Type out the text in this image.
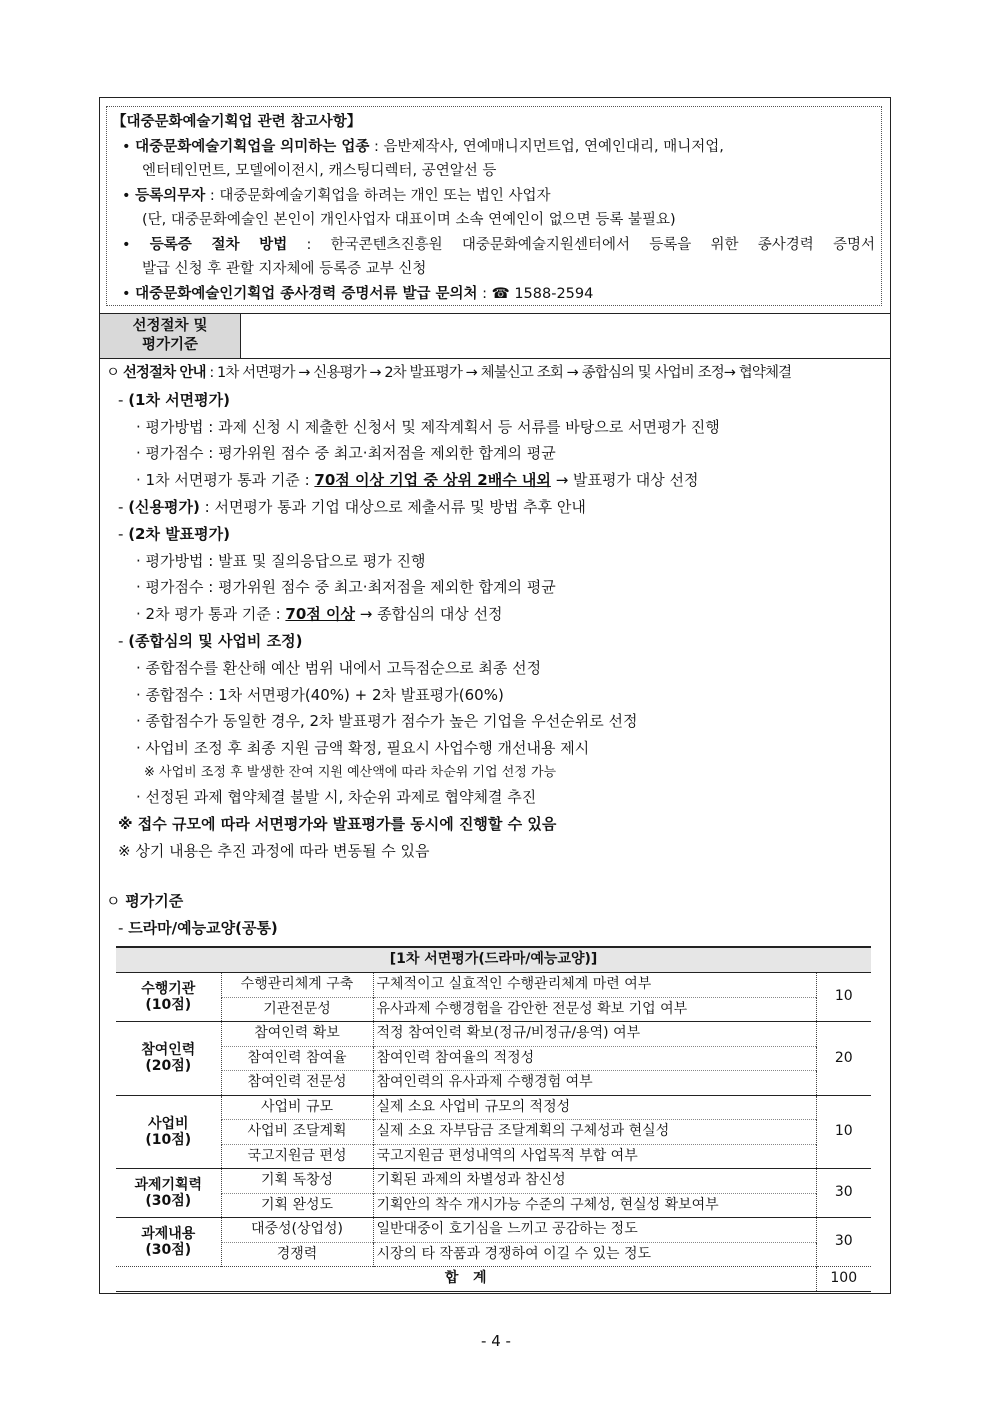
【대중문화예술기획업 관련 참고사항】
• 대중문화예술기획업을 의미하는 업종 : 음반제작사, 연예매니지먼트업, 연예인대리, 매니저업,
엔터테인먼트, 모델에이전시, 캐스팅디렉터, 공연알선 등
• 등록의무자 : 대중문화예술기획업을 하려는 개인 또는 법인 사업자
(단, 대중문화예술인 본인이 개인사업자 대표이며 소속 연예인이 없으면 등록 불필요)
• 등록증 절차 방법 : 한국콘텐츠진흥원 대중문화예술지원센터에서 등록을 위한 종사경력 증명서
발급 신청 후 관할 지자체에 등록증 교부 신청
• 대중문화예술인기획업 종사경력 증명서류 발급 문의처 : ☎ 1588-2594
선정절차 및
평가기준
ㅇ 선정절차 안내 : 1차 서면평가 → 신용평가 → 2차 발표평가 → 체불신고 조회 → 종합심의 및 사업비 조정→ 협약체결
- (1차 서면평가)
· 평가방법 : 과제 신청 시 제출한 신청서 및 제작계획서 등 서류를 바탕으로 서면평가 진행
· 평가점수 : 평가위원 점수 중 최고·최저점을 제외한 합계의 평균
· 1차 서면평가 통과 기준 : 70점 이상 기업 중 상위 2배수 내외 → 발표평가 대상 선정
- (신용평가) : 서면평가 통과 기업 대상으로 제출서류 및 방법 추후 안내
- (2차 발표평가)
· 평가방법 : 발표 및 질의응답으로 평가 진행
· 평가점수 : 평가위원 점수 중 최고·최저점을 제외한 합계의 평균
· 2차 평가 통과 기준 : 70점 이상 → 종합심의 대상 선정
- (종합심의 및 사업비 조정)
· 종합점수를 환산해 예산 범위 내에서 고득점순으로 최종 선정
· 종합점수 : 1차 서면평가(40%) + 2차 발표평가(60%)
· 종합점수가 동일한 경우, 2차 발표평가 점수가 높은 기업을 우선순위로 선정
· 사업비 조정 후 최종 지원 금액 확정, 필요시 사업수행 개선내용 제시
※ 사업비 조정 후 발생한 잔여 지원 예산액에 따라 차순위 기업 선정 가능
· 선정된 과제 협약체결 불발 시, 차순위 과제로 협약체결 추진
※ 접수 규모에 따라 서면평가와 발표평가를 동시에 진행할 수 있음
※ 상기 내용은 추진 과정에 따라 변동될 수 있음
ㅇ 평가기준
- 드라마/예능교양(공통)
[1차 서면평가(드라마/예능교양)]			

수행기관
(10점)	수행관리체계 구축	구체적이고 실효적인 수행관리체계 마련 여부	10
	기관전문성	유사과제 수행경험을 감안한 전문성 확보 기업 여부	

참여인력
(20점)	참여인력 확보	적정 참여인력 확보(정규/비정규/용역) 여부	20
	참여인력 참여율	참여인력 참여율의 적정성	
	참여인력 전문성	참여인력의 유사과제 수행경험 여부	

사업비
(10점)	사업비 규모	실제 소요 사업비 규모의 적정성	10
	사업비 조달계획	실제 소요 자부담금 조달계획의 구체성과 현실성	
	국고지원금 편성	국고지원금 편성내역의 사업목적 부합 여부	

과제기획력
(30점)	기획 독창성	기획된 과제의 차별성과 참신성	30
	기획 완성도	기획안의 착수 개시가능 수준의 구체성, 현실성 확보여부	

과제내용
(30점)	대중성(상업성)	일반대중이 호기심을 느끼고 공감하는 정도	30
	경쟁력	시장의 타 작품과 경쟁하여 이길 수 있는 정도	
합   계			100
- 4 -
